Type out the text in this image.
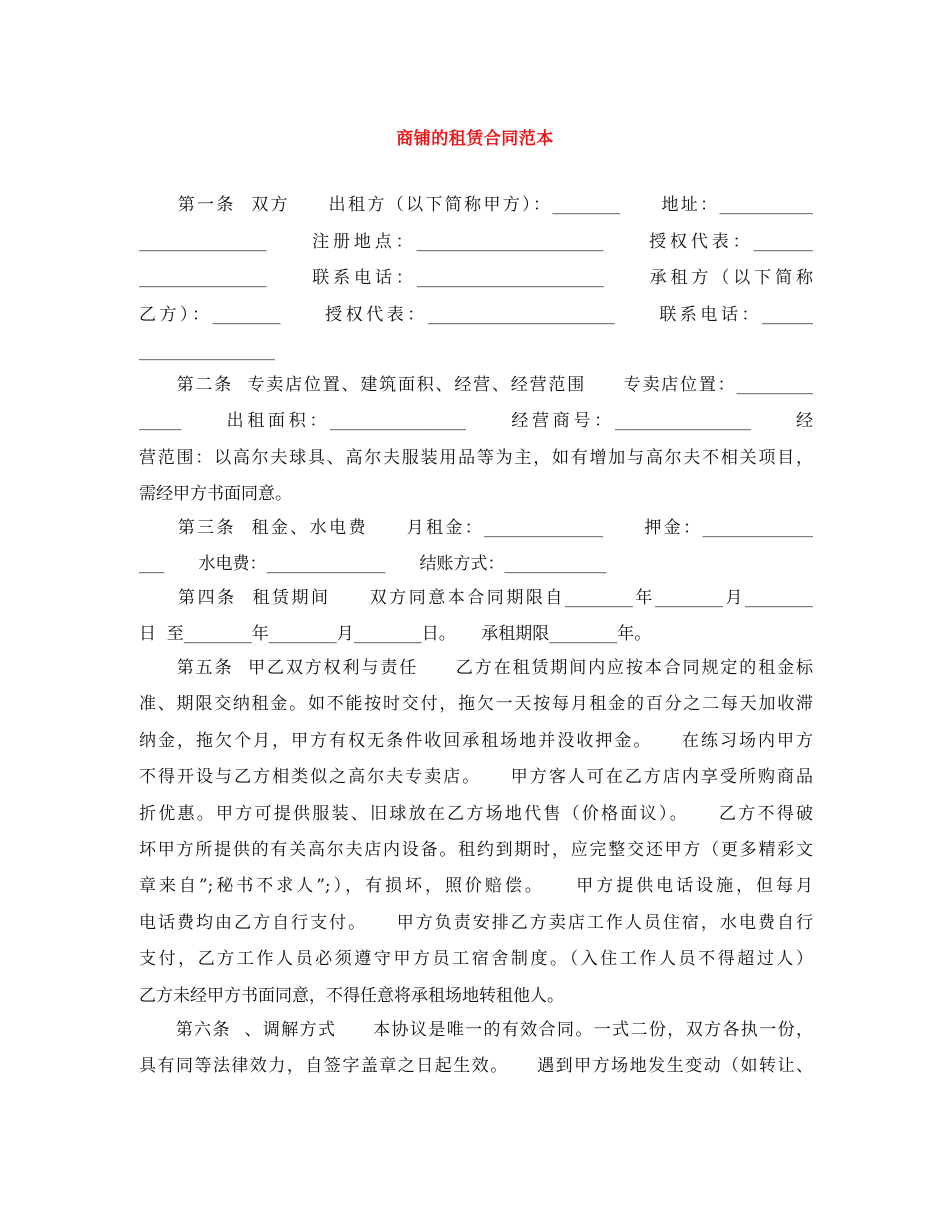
商铺的租赁合同范本

　　第一条  双方　　出租方（以下简称甲方）：________　　地址：___________

_______________　　注册地点：______________________　　授权代表：_______

_______________　　联系电话：______________________　　承租方（以下简称

乙方）：________　　授权代表：______________________　　联系电话：______

________________

　　第二条  专卖店位置、建筑面积、经营、经营范围　　专卖店位置：_________

_____　　出租面积：________________　　经营商号：________________　　经

营范围：以高尔夫球具、高尔夫服装用品等为主，如有增加与高尔夫不相关项目，

需经甲方书面同意。

　　第三条  租金、水电费　　月租金：______________　　押金：_____________

___　　水电费：______________　　结账方式：____________

　　第四条  租赁期间　　双方同意本合同期限自________年________月________

日  至________年________月________日。　　承租期限________年。

　　第五条  甲乙双方权利与责任　　乙方在租赁期间内应按本合同规定的租金标

准、期限交纳租金。如不能按时交付，拖欠一天按每月租金的百分之二每天加收滞

纳金，拖欠个月，甲方有权无条件收回承租场地并没收押金。　　在练习场内甲方

不得开设与乙方相类似之高尔夫专卖店。　　甲方客人可在乙方店内享受所购商品

折优惠。甲方可提供服装、旧球放在乙方场地代售（价格面议）。　　乙方不得破

坏甲方所提供的有关高尔夫店内设备。租约到期时，应完整交还甲方（更多精彩文

章来自”;秘书不求人”;），有损坏，照价赔偿。　　甲方提供电话设施，但每月

电话费均由乙方自行支付。　　甲方负责安排乙方卖店工作人员住宿，水电费自行

支付，乙方工作人员必须遵守甲方员工宿舍制度。（入住工作人员不得超过人）

乙方未经甲方书面同意，不得任意将承租场地转租他人。

　　第六条  、调解方式　　本协议是唯一的有效合同。一式二份，双方各执一份，

具有同等法律效力，自签字盖章之日起生效。　　遇到甲方场地发生变动（如转让、
